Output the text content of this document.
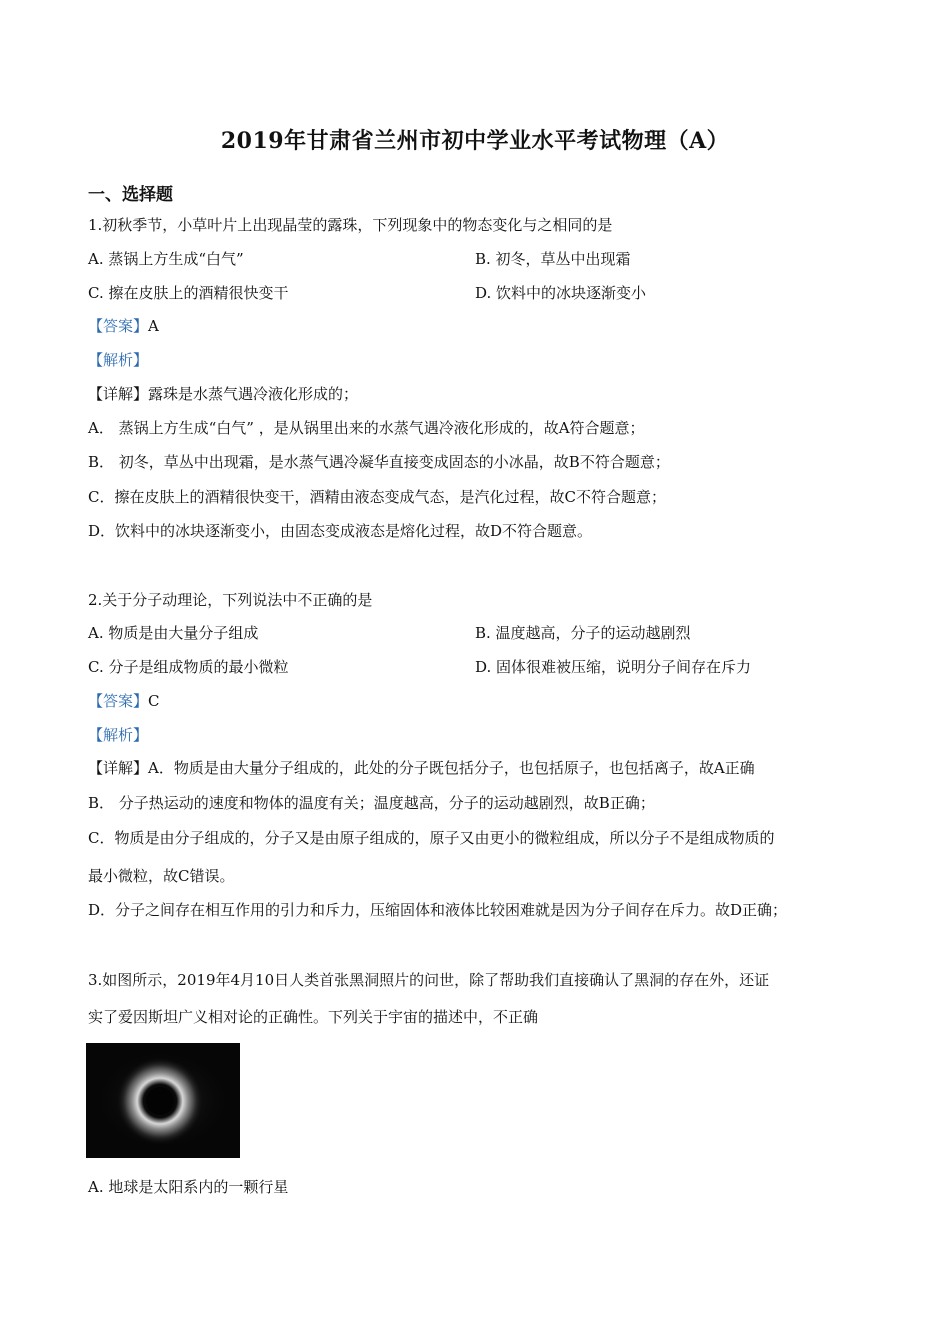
2019年甘肃省兰州市初中学业水平考试物理（A）
一、选择题
1.初秋季节，小草叶片上出现晶莹的露珠，下列现象中的物态变化与之相同的是
A. 蒸锅上方生成“白气”	B. 初冬，草丛中出现霜
C. 擦在皮肤上的酒精很快变干	D. 饮料中的冰块逐渐变小
【答案】A
【解析】
【详解】露珠是水蒸气遇冷液化形成的；
A． 蒸锅上方生成“白气” ，是从锅里出来的水蒸气遇冷液化形成的，故A符合题意；
B． 初冬，草丛中出现霜，是水蒸气遇冷凝华直接变成固态的小冰晶，故B不符合题意；
C．擦在皮肤上的酒精很快变干，酒精由液态变成气态，是汽化过程，故C不符合题意；
D．饮料中的冰块逐渐变小，由固态变成液态是熔化过程，故D不符合题意。
2.关于分子动理论，下列说法中不正确的是
A. 物质是由大量分子组成	B. 温度越高，分子的运动越剧烈
C. 分子是组成物质的最小微粒	D. 固体很难被压缩，说明分子间存在斥力
【答案】C
【解析】
【详解】A．物质是由大量分子组成的，此处的分子既包括分子，也包括原子，也包括离子，故A正确
B． 分子热运动的速度和物体的温度有关；温度越高，分子的运动越剧烈，故B正确；
C．物质是由分子组成的，分子又是由原子组成的，原子又由更小的微粒组成，所以分子不是组成物质的
最小微粒，故C错误。
D．分子之间存在相互作用的引力和斥力，压缩固体和液体比较困难就是因为分子间存在斥力。故D正确；
3.如图所示，2019年4月10日人类首张黑洞照片的问世，除了帮助我们直接确认了黑洞的存在外，还证
实了爱因斯坦广义相对论的正确性。下列关于宇宙的描述中，不正确
A. 地球是太阳系内的一颗行星
